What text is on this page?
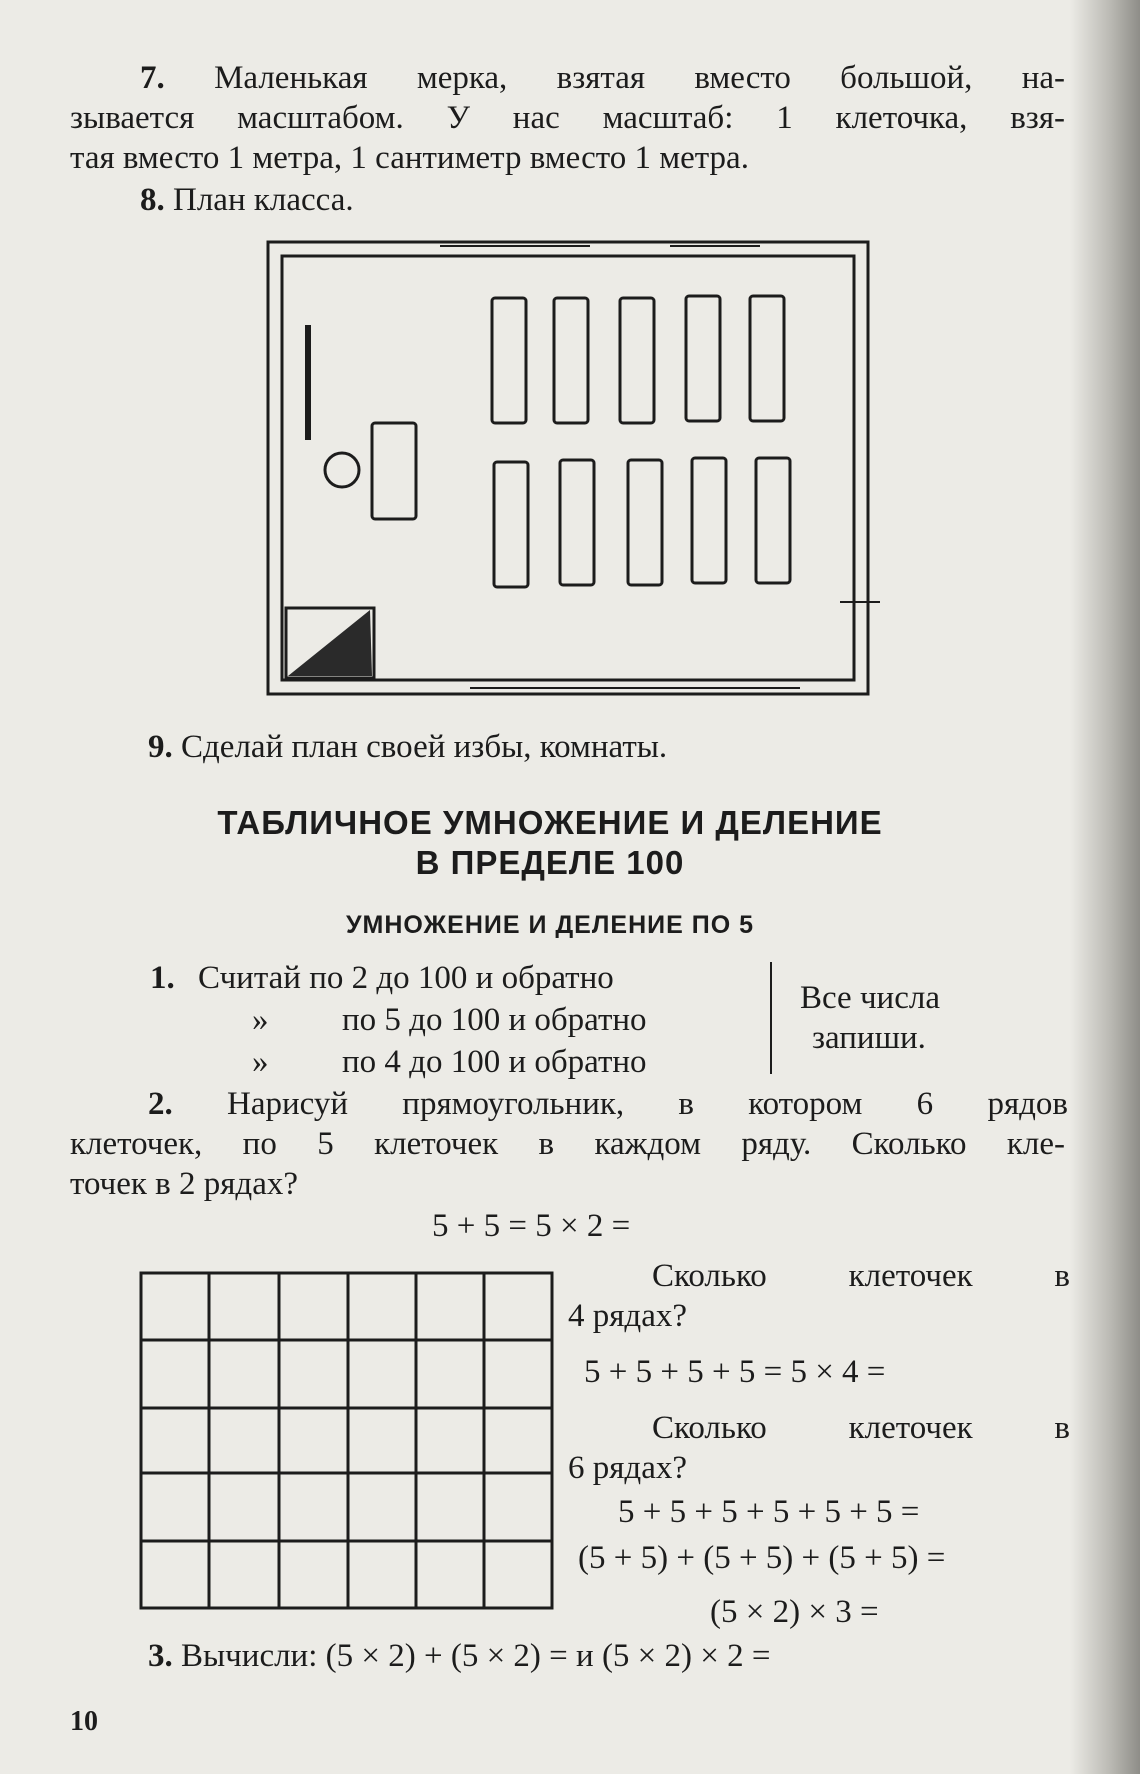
7. Маленькая мерка, взятая вместо большой, на-

зывается масштабом. У нас масштаб: 1 клеточка, взя-

тая вместо 1 метра, 1 сантиметр вместо 1 метра.

8. План класса.

9. Сделай план своей избы, комнаты.

ТАБЛИЧНОЕ УМНОЖЕНИЕ И ДЕЛЕНИЕ
В ПРЕДЕЛЕ 100
УМНОЖЕНИЕ И ДЕЛЕНИЕ ПО 5
1. Считай по 2 до 100 и обратно
» по 5 до 100 и обратно
» по 4 до 100 и обратно
Все числа
запиши.

2. Нарисуй прямоугольник, в котором 6 рядов

клеточек, по 5 клеточек в каждом ряду. Сколько кле-

точек в 2 рядах?

5 + 5 = 5 × 2 =

Сколько клеточек в

4 рядах?

5 + 5 + 5 + 5 = 5 × 4 =

Сколько клеточек в

6 рядах?

5 + 5 + 5 + 5 + 5 + 5 =
(5 + 5) + (5 + 5) + (5 + 5) =
(5 × 2) × 3 =

3. Вычисли: (5 × 2) + (5 × 2) = и (5 × 2) × 2 =

10
